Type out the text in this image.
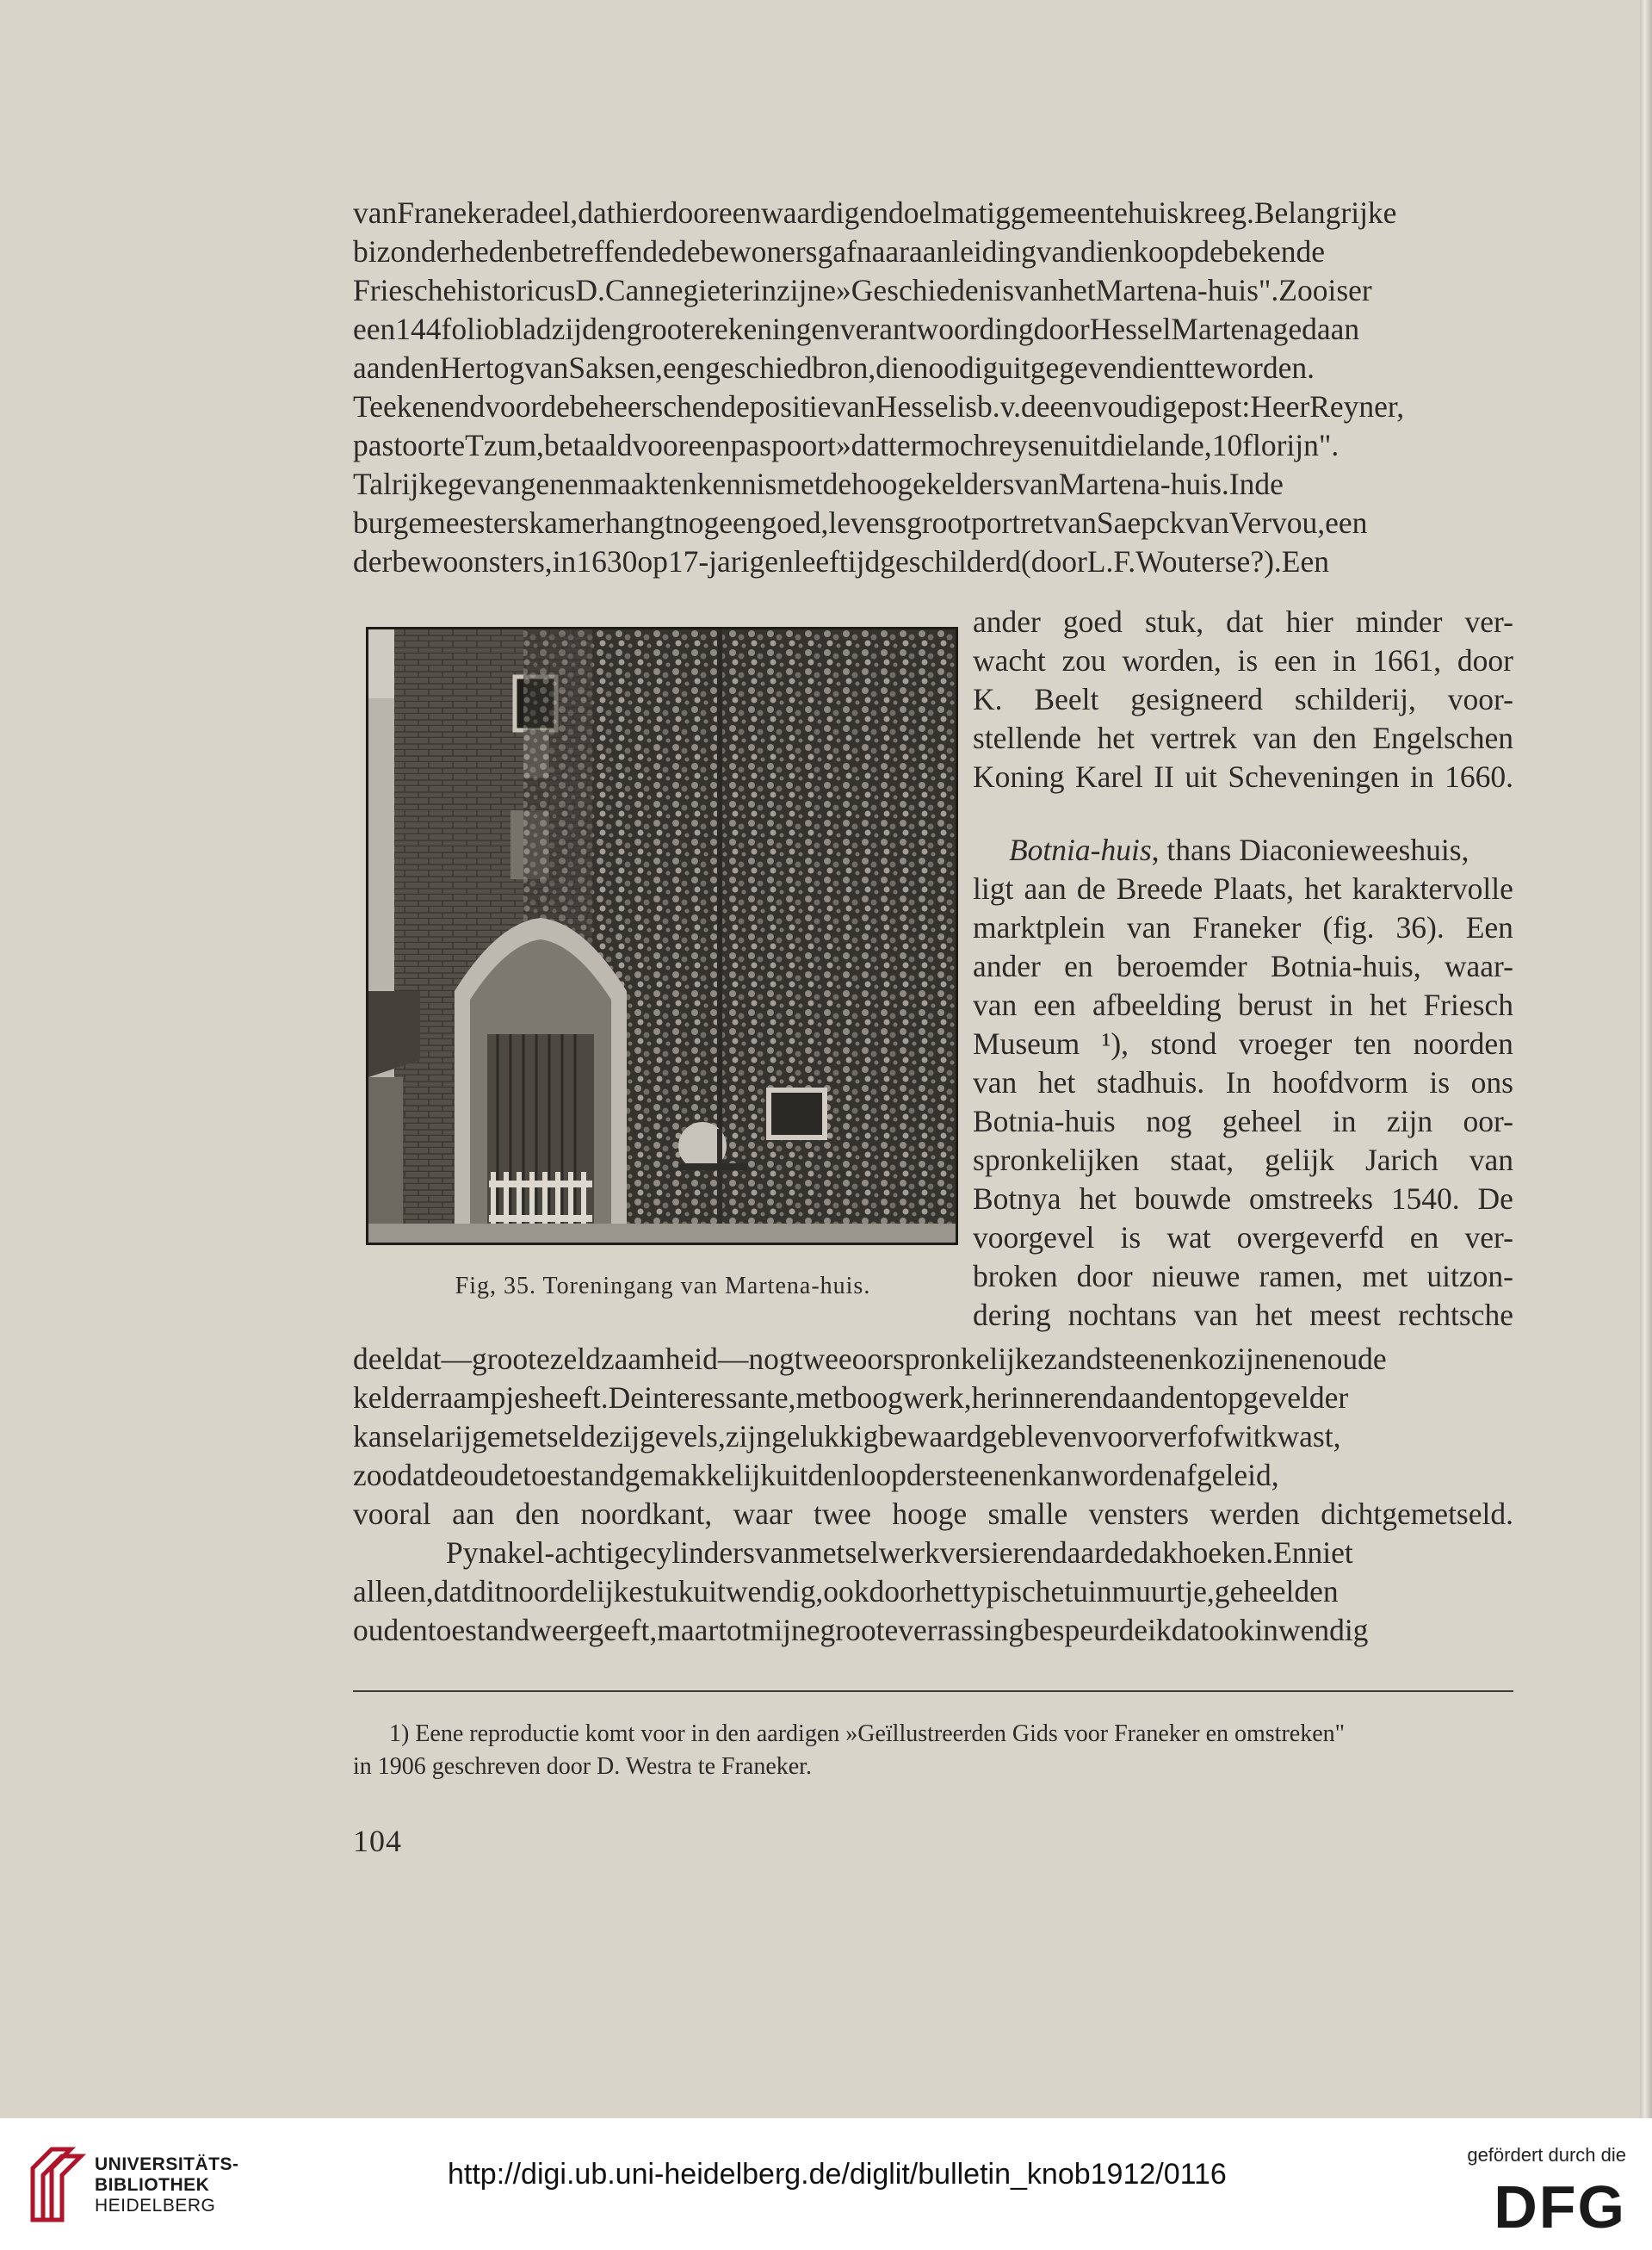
vanFranekeradeel,dathierdooreenwaardigendoelmatiggemeentehuiskreeg.Belangrijke
bizonderhedenbetreffendedebewonersgafnaaraanleidingvandienkoopdebekende
FrieschehistoricusD.Cannegieterinzijne»GeschiedenisvanhetMartena-huis".Zooiser
een144foliobladzijdengrooterekeningenverantwoordingdoorHesselMartenagedaan
aandenHertogvanSaksen,eengeschiedbron,dienoodiguitgegevendientteworden.
TeekenendvoordebeheerschendepositievanHesselisb.v.deeenvoudigepost:HeerReyner,
pastoorteTzum,betaaldvooreenpaspoort»dattermochreysenuitdielande,10florijn".
TalrijkegevangenenmaaktenkennismetdehoogekeldersvanMartena-huis.Inde
burgemeesterskamerhangtnogeengoed,levensgrootportretvanSaepckvanVervou,een
derbewoonsters,in1630op17-jarigenleeftijdgeschilderd(doorL.F.Wouterse?).Een
Fig, 35. Toreningang van Martena-huis.
ander goed stuk, dat hier minder ver-
wacht zou worden, is een in 1661, door
K. Beelt gesigneerd schilderij, voor-
stellende het vertrek van den Engelschen
Koning Karel II uit Scheveningen in 1660.
Botnia-huis, thans Diaconieweeshuis,
ligt aan de Breede Plaats, het karaktervolle
marktplein van Franeker (fig. 36). Een
ander en beroemder Botnia-huis, waar-
van een afbeelding berust in het Friesch
Museum ¹), stond vroeger ten noorden
van het stadhuis. In hoofdvorm is ons
Botnia-huis nog geheel in zijn oor-
spronkelijken staat, gelijk Jarich van
Botnya het bouwde omstreeks 1540. De
voorgevel is wat overgeverfd en ver-
broken door nieuwe ramen, met uitzon-
dering nochtans van het meest rechtsche
deeldat—grootezeldzaamheid—nogtweeoorspronkelijkezandsteenenkozijnenenoude
kelderraampjesheeft.Deinteressante,metboogwerk,herinnerendaandentopgevelder
kanselarijgemetseldezijgevels,zijngelukkigbewaardgeblevenvoorverfofwitkwast,
zoodatdeoudetoestandgemakkelijkuitdenloopdersteenenkanwordenafgeleid,
vooral aan den noordkant, waar twee hooge smalle vensters werden dichtgemetseld.
Pynakel-achtigecylindersvanmetselwerkversierendaardedakhoeken.Enniet
alleen,datditnoordelijkestukuitwendig,ookdoorhettypischetuinmuurtje,geheelden
oudentoestandweergeeft,maartotmijnegrooteverrassingbespeurdeikdatookinwendig
1) Eene reproductie komt voor in den aardigen »Geïllustreerden Gids voor Franeker en omstreken"
in 1906 geschreven door D. Westra te Franeker.
104
UNIVERSITÄTS-
BIBLIOTHEK
HEIDELBERG
http://digi.ub.uni-heidelberg.de/diglit/bulletin_knob1912/0116
gefördert durch die
DFG
